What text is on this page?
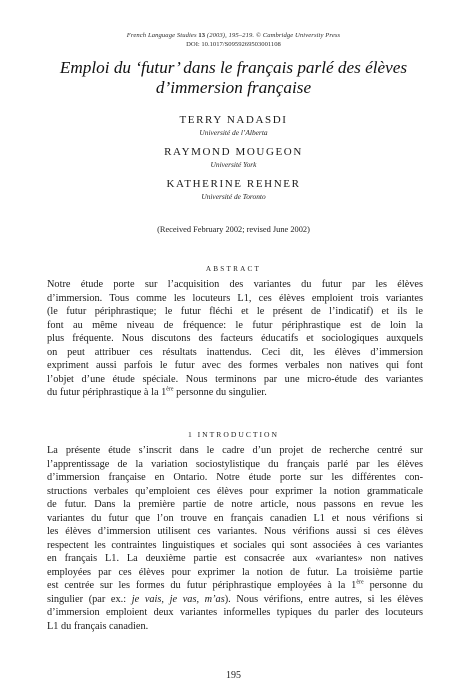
French Language Studies 13 (2003), 195–219. © Cambridge University Press
DOI: 10.1017/S0959269503001108
Emploi du ‘futur’ dans le français parlé des élèves
d’immersion française
TERRY NADASDI
Université de l’Alberta
RAYMOND MOUGEON
Université York
KATHERINE REHNER
Université de Toronto
(Received February 2002; revised June 2002)
ABSTRACT
Notre étude porte sur l’acquisition des variantes du futur par les élèves
d’immersion. Tous comme les locuteurs L1, ces élèves emploient trois variantes
(le futur périphrastique; le futur fléchi et le présent de l’indicatif) et ils le
font au même niveau de fréquence: le futur périphrastique est de loin la
plus fréquente. Nous discutons des facteurs éducatifs et sociologiques auxquels
on peut attribuer ces résultats inattendus. Ceci dit, les élèves d’immersion
expriment aussi parfois le futur avec des formes verbales non natives qui font
l’objet d’une étude spéciale. Nous terminons par une micro-étude des variantes
du futur périphrastique à la 1ère personne du singulier.
1 INTRODUCTION
La présente étude s’inscrit dans le cadre d’un projet de recherche centré sur
l’apprentissage de la variation sociostylistique du français parlé par les élèves
d’immersion française en Ontario. Notre étude porte sur les différentes con-
structions verbales qu’emploient ces élèves pour exprimer la notion grammaticale
de futur. Dans la première partie de notre article, nous passons en revue les
variantes du futur que l’on trouve en français canadien L1 et nous vérifions si
les élèves d’immersion utilisent ces variantes. Nous vérifions aussi si ces élèves
respectent les contraintes linguistiques et sociales qui sont associées à ces variantes
en français L1. La deuxième partie est consacrée aux «variantes» non natives
employées par ces élèves pour exprimer la notion de futur. La troisième partie
est centrée sur les formes du futur périphrastique employées à la 1ère personne du
singulier (par ex.: je vais, je vas, m’as). Nous vérifions, entre autres, si les élèves
d’immersion emploient deux variantes informelles typiques du parler des locuteurs
L1 du français canadien.
195
